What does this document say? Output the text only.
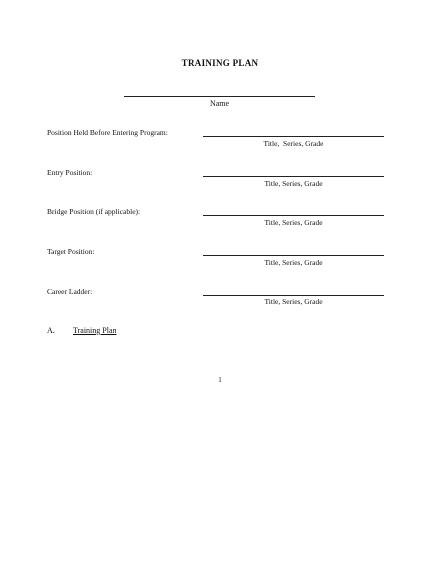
TRAINING PLAN
Name
Position Held Before Entering Program:
Title,  Series, Grade
Entry Position:
Title, Series, Grade
Bridge Position (if applicable):
Title, Series, Grade
Target Position:
Title, Series, Grade
Career Ladder:
Title, Series, Grade
A. Training Plan
1
